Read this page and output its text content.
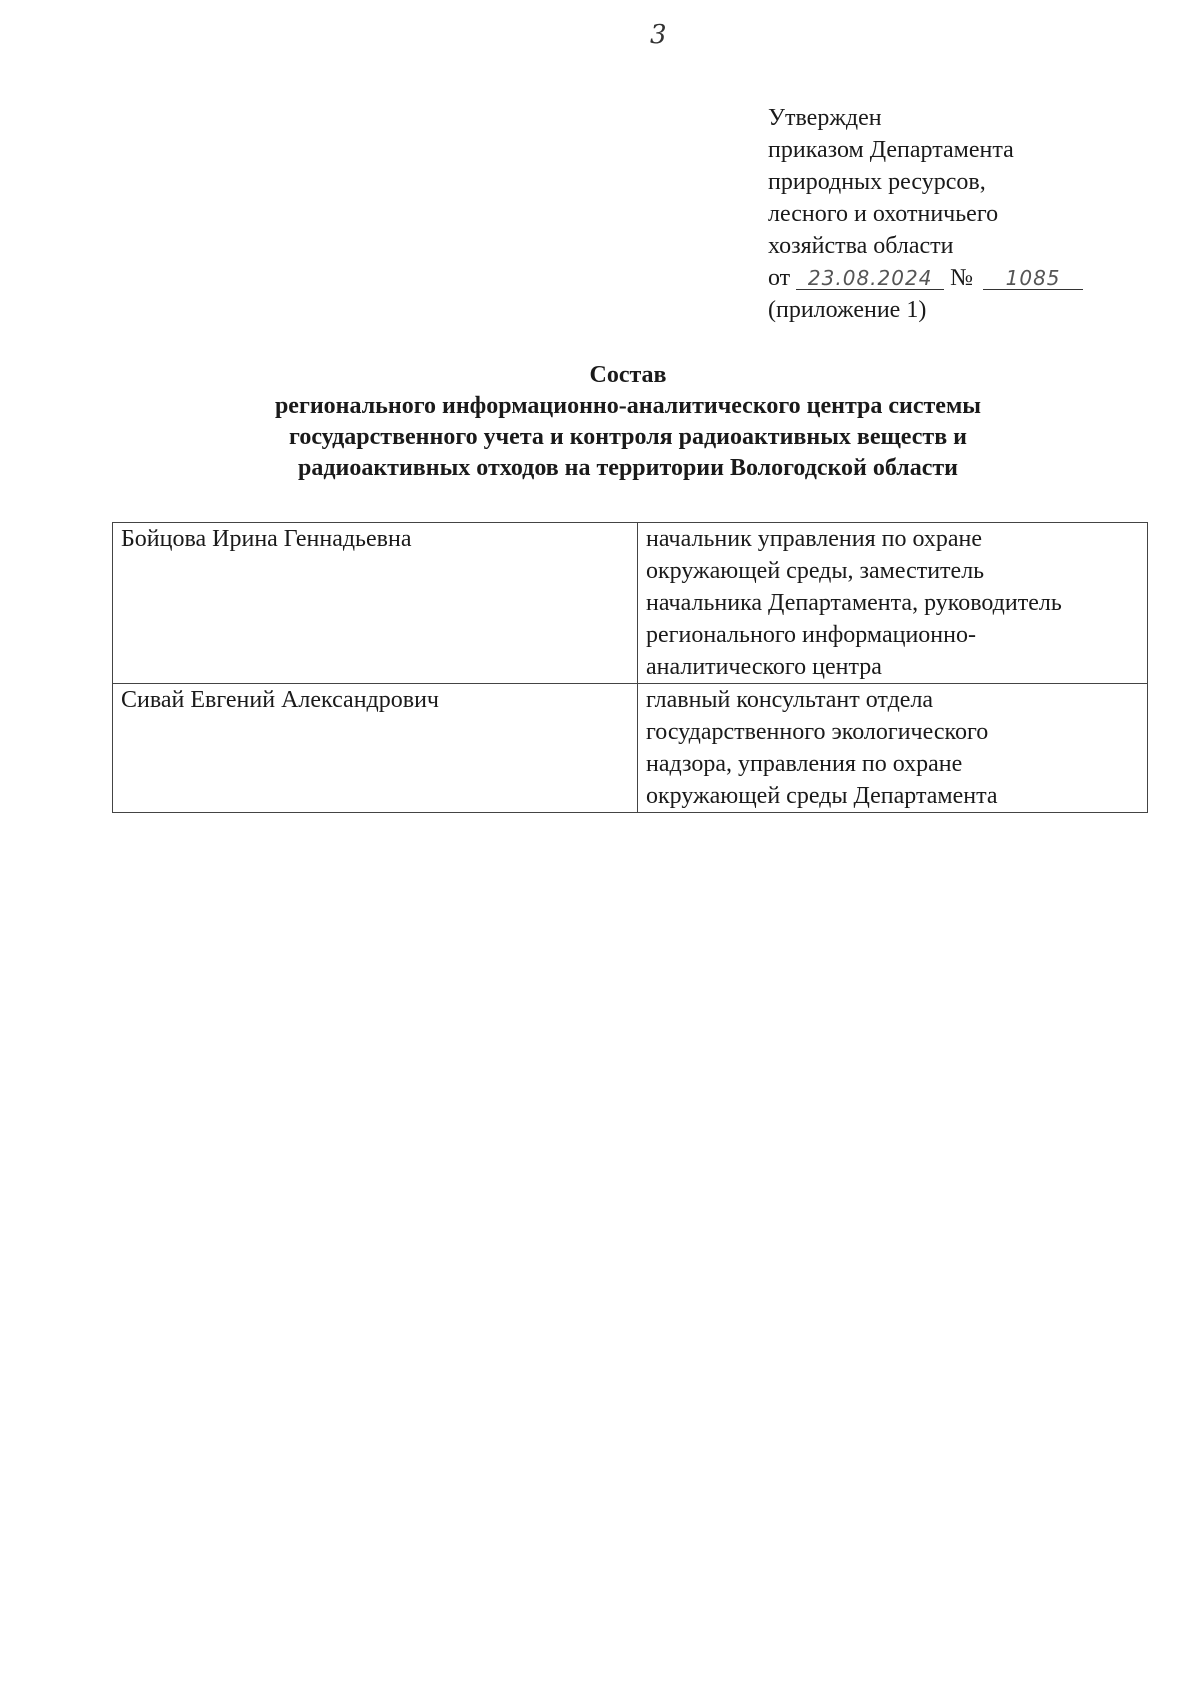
3
Утвержден
приказом Департамента
природных ресурсов,
лесного и охотничьего
хозяйства области
от 23.08.2024 № 1085
(приложение 1)
Состав
регионального информационно-аналитического центра системы
государственного учета и контроля радиоактивных веществ и
радиоактивных отходов на территории Вологодской области
Бойцова Ирина Геннадьевна	начальник управления по охране
окружающей среды, заместитель
начальника Департамента, руководитель
регионального информационно-
аналитического центра

Сивай Евгений Александрович	главный консультант отдела
государственного экологического
надзора, управления по охране
окружающей среды Департамента
